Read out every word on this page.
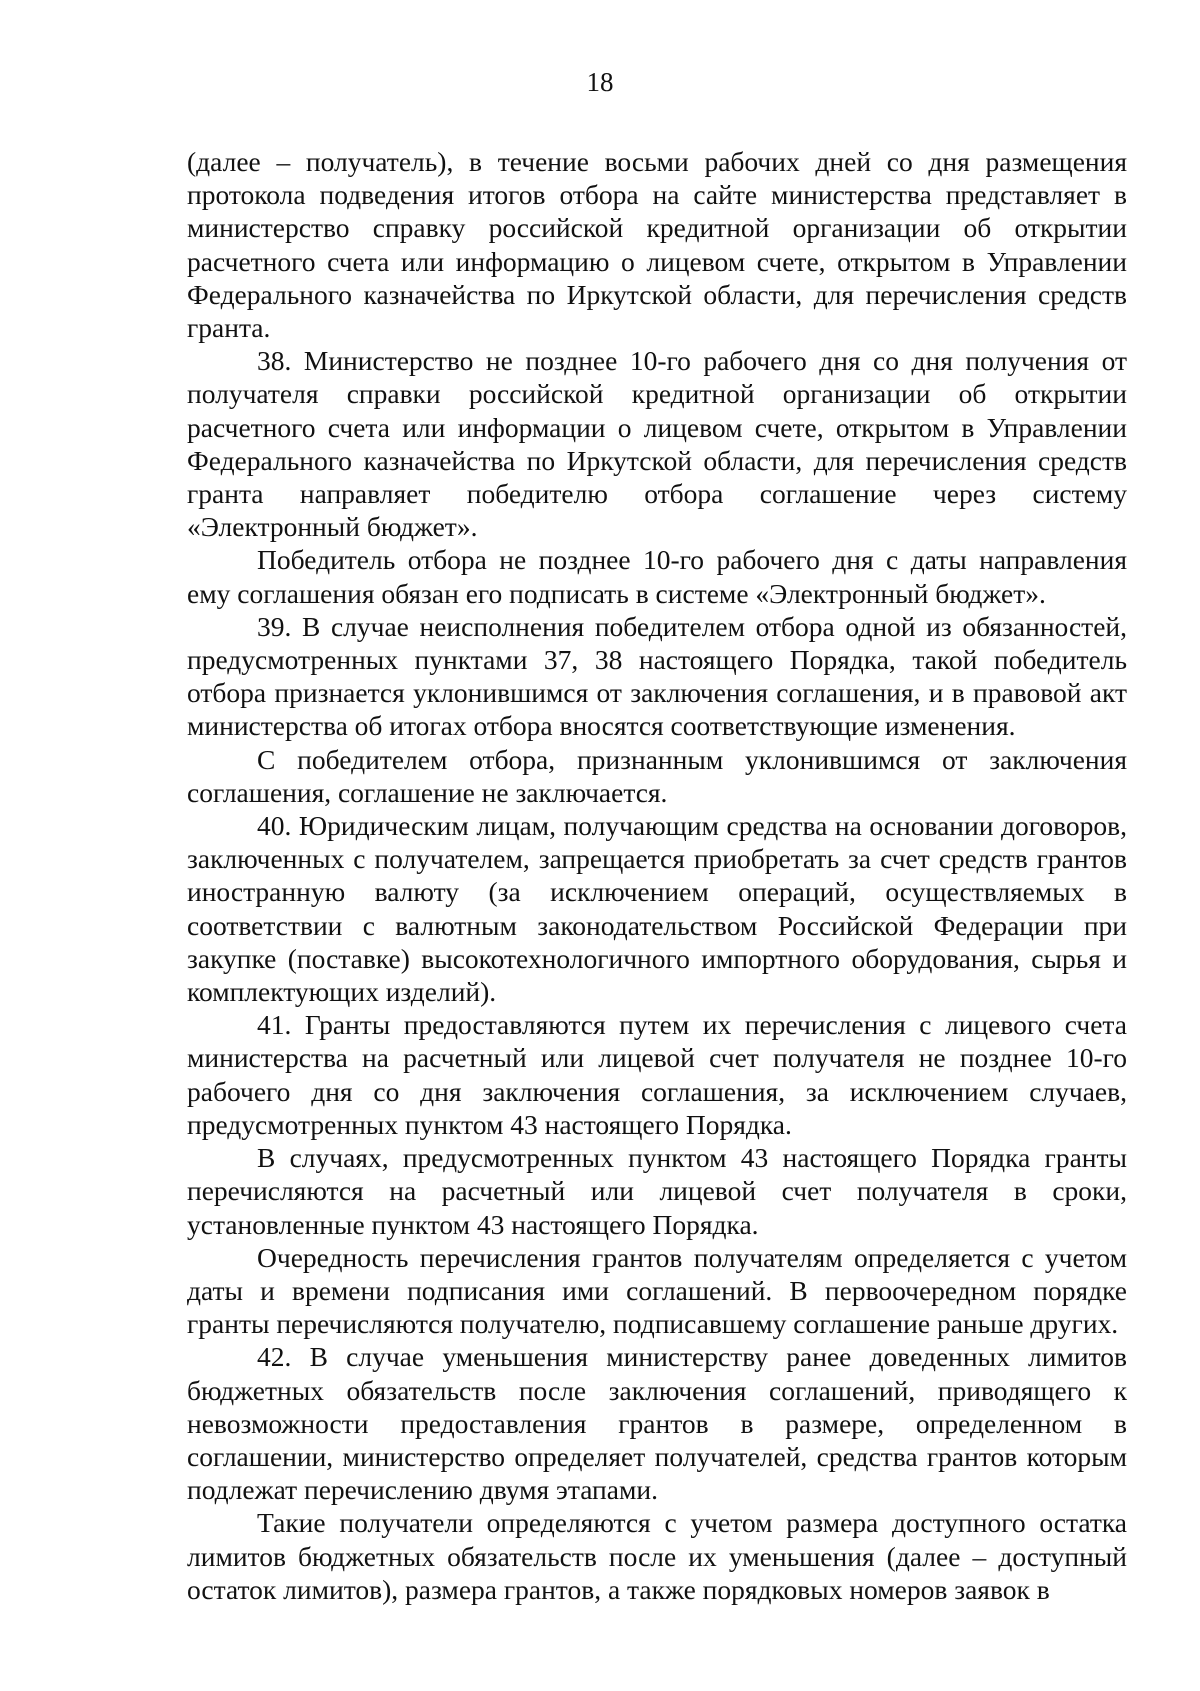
18

(далее – получатель), в течение восьми рабочих дней со дня размещения протокола подведения итогов отбора на сайте министерства представляет в министерство справку российской кредитной организации об открытии расчетного счета или информацию о лицевом счете, открытом в Управлении Федерального казначейства по Иркутской области, для перечисления средств гранта.

38. Министерство не позднее 10-го рабочего дня со дня получения от получателя справки российской кредитной организации об открытии расчетного счета или информации о лицевом счете, открытом в Управлении Федерального казначейства по Иркутской области, для перечисления средств гранта направляет победителю отбора соглашение через систему «Электронный бюджет».

Победитель отбора не позднее 10-го рабочего дня с даты направления ему соглашения обязан его подписать в системе «Электронный бюджет».

39. В случае неисполнения победителем отбора одной из обязанностей, предусмотренных пунктами 37, 38 настоящего Порядка, такой победитель отбора признается уклонившимся от заключения соглашения, и в правовой акт министерства об итогах отбора вносятся соответствующие изменения.

С победителем отбора, признанным уклонившимся от заключения соглашения, соглашение не заключается.

40. Юридическим лицам, получающим средства на основании договоров, заключенных с получателем, запрещается приобретать за счет средств грантов иностранную валюту (за исключением операций, осуществляемых в соответствии с валютным законодательством Российской Федерации при закупке (поставке) высокотехнологичного импортного оборудования, сырья и комплектующих изделий).

41. Гранты предоставляются путем их перечисления с лицевого счета министерства на расчетный или лицевой счет получателя не позднее 10-го рабочего дня со дня заключения соглашения, за исключением случаев, предусмотренных пунктом 43 настоящего Порядка.

В случаях, предусмотренных пунктом 43 настоящего Порядка гранты перечисляются на расчетный или лицевой счет получателя в сроки, установленные пунктом 43 настоящего Порядка.

Очередность перечисления грантов получателям определяется с учетом даты и времени подписания ими соглашений. В первоочередном порядке гранты перечисляются получателю, подписавшему соглашение раньше других.

42. В случае уменьшения министерству ранее доведенных лимитов бюджетных обязательств после заключения соглашений, приводящего к невозможности предоставления грантов в размере, определенном в соглашении, министерство определяет получателей, средства грантов которым подлежат перечислению двумя этапами.

Такие получатели определяются с учетом размера доступного остатка лимитов бюджетных обязательств после их уменьшения (далее – доступный остаток лимитов), размера грантов, а также порядковых номеров заявок в
